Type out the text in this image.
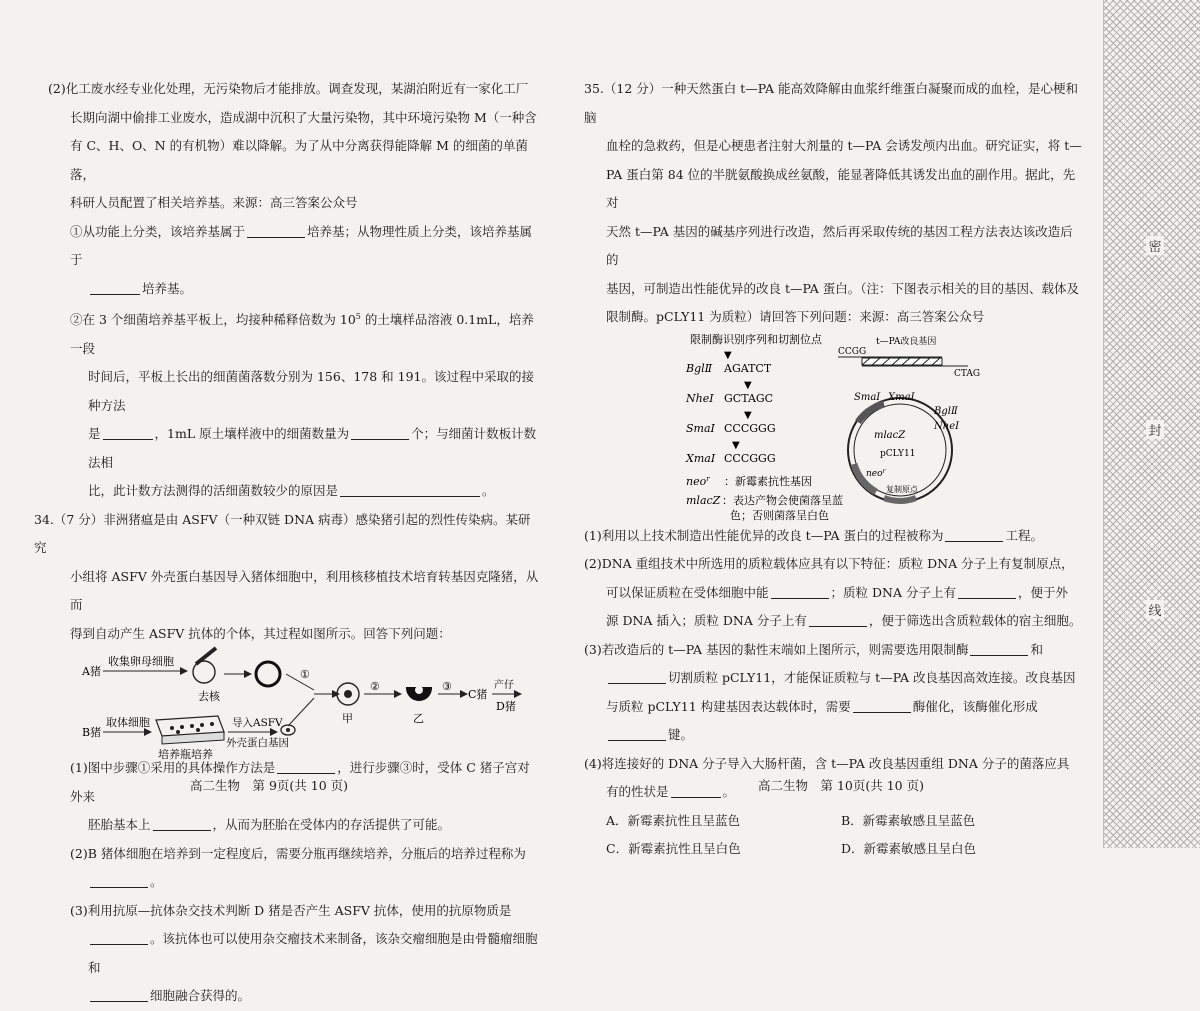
(2)化工废水经专业化处理，无污染物后才能排放。调查发现，某湖泊附近有一家化工厂

长期向湖中偷排工业废水，造成湖中沉积了大量污染物，其中环境污染物 M（一种含

有 C、H、O、N 的有机物）难以降解。为了从中分离获得能降解 M 的细菌的单菌落，

科研人员配置了相关培养基。来源：高三答案公众号

①从功能上分类，该培养基属于	培养基；从物理性质上分类，该培养基属于

培养基。

②在 3 个细菌培养基平板上，均接种稀释倍数为 $10^5$ 的土壤样品溶液 0.1mL，培养一段

时间后，平板上长出的细菌菌落数分别为 156、178 和 191。该过程中采取的接种方法

是	，1mL 原土壤样液中的细菌数量为	个；与细菌计数板计数法相

比，此计数方法测得的活细菌数较少的原因是	。

34.（7 分）非洲猪瘟是由 ASFV（一种双链 DNA 病毒）感染猪引起的烈性传染病。某研究

小组将 ASFV 外壳蛋白基因导入猪体细胞中，利用核移植技术培育转基因克隆猪，从而

得到自动产生 ASFV 抗体的个体，其过程如图所示。回答下列问题：

A猪
收集卵母细胞
去核
①
甲
②
乙
③
C猪
产仔
D猪
B猪
取体细胞
培养瓶培养
导入ASFV
外壳蛋白基因

(1)图中步骤①采用的具体操作方法是	，进行步骤③时，受体 C 猪子宫对外来

胚胎基本上	，从而为胚胎在受体内的存活提供了可能。

(2)B 猪体细胞在培养到一定程度后，需要分瓶再继续培养，分瓶后的培养过程称为

。

(3)利用抗原—抗体杂交技术判断 D 猪是否产生 ASFV 抗体，使用的抗原物质是

。该抗体也可以使用杂交瘤技术来制备，该杂交瘤细胞是由骨髓瘤细胞和

细胞融合获得的。

高二生物　第 9页(共 10 页)

35.（12 分）一种天然蛋白 t—PA 能高效降解由血浆纤维蛋白凝聚而成的血栓，是心梗和脑

血栓的急救药，但是心梗患者注射大剂量的 t—PA 会诱发颅内出血。研究证实，将 t—

PA 蛋白第 84 位的半胱氨酸换成丝氨酸，能显著降低其诱发出血的副作用。据此，先对

天然 t—PA 基因的碱基序列进行改造，然后再采取传统的基因工程方法表达该改造后的

基因，可制造出性能优异的改良 t—PA 蛋白。（注：下图表示相关的目的基因、载体及

限制酶。pCLY11 为质粒）请回答下列问题：来源：高三答案公众号

限制酶识别序列和切割位点
▼
BglⅡ AGATCT
▼
NheⅠ GCTAGC
▼
SmaⅠ CCCGGG
▼
XmaⅠ CCCGGG
neo$^r$ ：新霉素抗性基因
mlacZ ：表达产物会使菌落呈蓝
色；否则菌落呈白色
t—PA改良基因
CCGG
CTAG
SmaⅠ XmaⅠ
BglⅡ
NheⅠ
mlacZ
pCLY11
neo$^r$
复制原点

(1)利用以上技术制造出性能优异的改良 t—PA 蛋白的过程被称为	工程。

(2)DNA 重组技术中所选用的质粒载体应具有以下特征：质粒 DNA 分子上有复制原点，

可以保证质粒在受体细胞中能	；质粒 DNA 分子上有	，便于外

源 DNA 插入；质粒 DNA 分子上有	，便于筛选出含质粒载体的宿主细胞。

(3)若改造后的 t—PA 基因的黏性末端如上图所示，则需要选用限制酶	和

切割质粒 pCLY11，才能保证质粒与 t—PA 改良基因高效连接。改良基因

与质粒 pCLY11 构建基因表达载体时，需要	酶催化，该酶催化形成

键。

(4)将连接好的 DNA 分子导入大肠杆菌，含 t—PA 改良基因重组 DNA 分子的菌落应具

有的性状是	。

A．新霉素抗性且呈蓝色	B．新霉素敏感且呈蓝色
C．新霉素抗性且呈白色	D．新霉素敏感且呈白色
高二生物　第 10页(共 10 页)
密
封
线
